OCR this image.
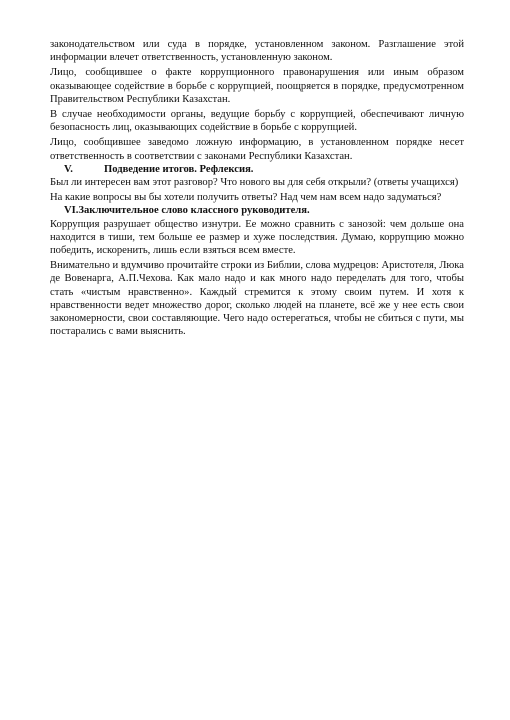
законодательством или суда в порядке, установленном законом. Разглашение этой информации влечет ответственность, установленную законом.

Лицо, сообщившее о факте коррупционного правонарушения или иным образом оказывающее содействие в борьбе с коррупцией, поощряется в порядке, предусмотренном Правительством Республики Казахстан.

В случае необходимости органы, ведущие борьбу с коррупцией, обеспечивают личную безопасность лиц, оказывающих содействие в борьбе с коррупцией.

Лицо, сообщившее заведомо ложную информацию, в установленном порядке несет ответственность в соответствии с законами Республики Казахстан.

V.	Подведение итогов. Рефлексия.

Был ли интересен вам этот разговор? Что нового вы для себя открыли? (ответы учащихся)

На какие вопросы вы бы хотели получить ответы? Над чем нам всем надо задуматься?

VI.Заключительное слово классного руководителя.

Коррупция разрушает общество изнутри. Ее можно сравнить с занозой: чем дольше она находится в тиши, тем больше ее размер и хуже последствия. Думаю, коррупцию можно победить, искоренить, лишь если взяться всем вместе.

Внимательно и вдумчиво прочитайте строки из Библии, слова мудрецов: Аристотеля, Люка де Вовенарга, А.П.Чехова. Как мало надо и как много надо переделать для того, чтобы стать «чистым нравственно». Каждый стремится к этому своим путем. И хотя к нравственности ведет множество дорог, сколько людей на планете, всё же у нее есть свои закономерности, свои составляющие. Чего надо остерегаться, чтобы не сбиться с пути, мы постарались с вами выяснить.
